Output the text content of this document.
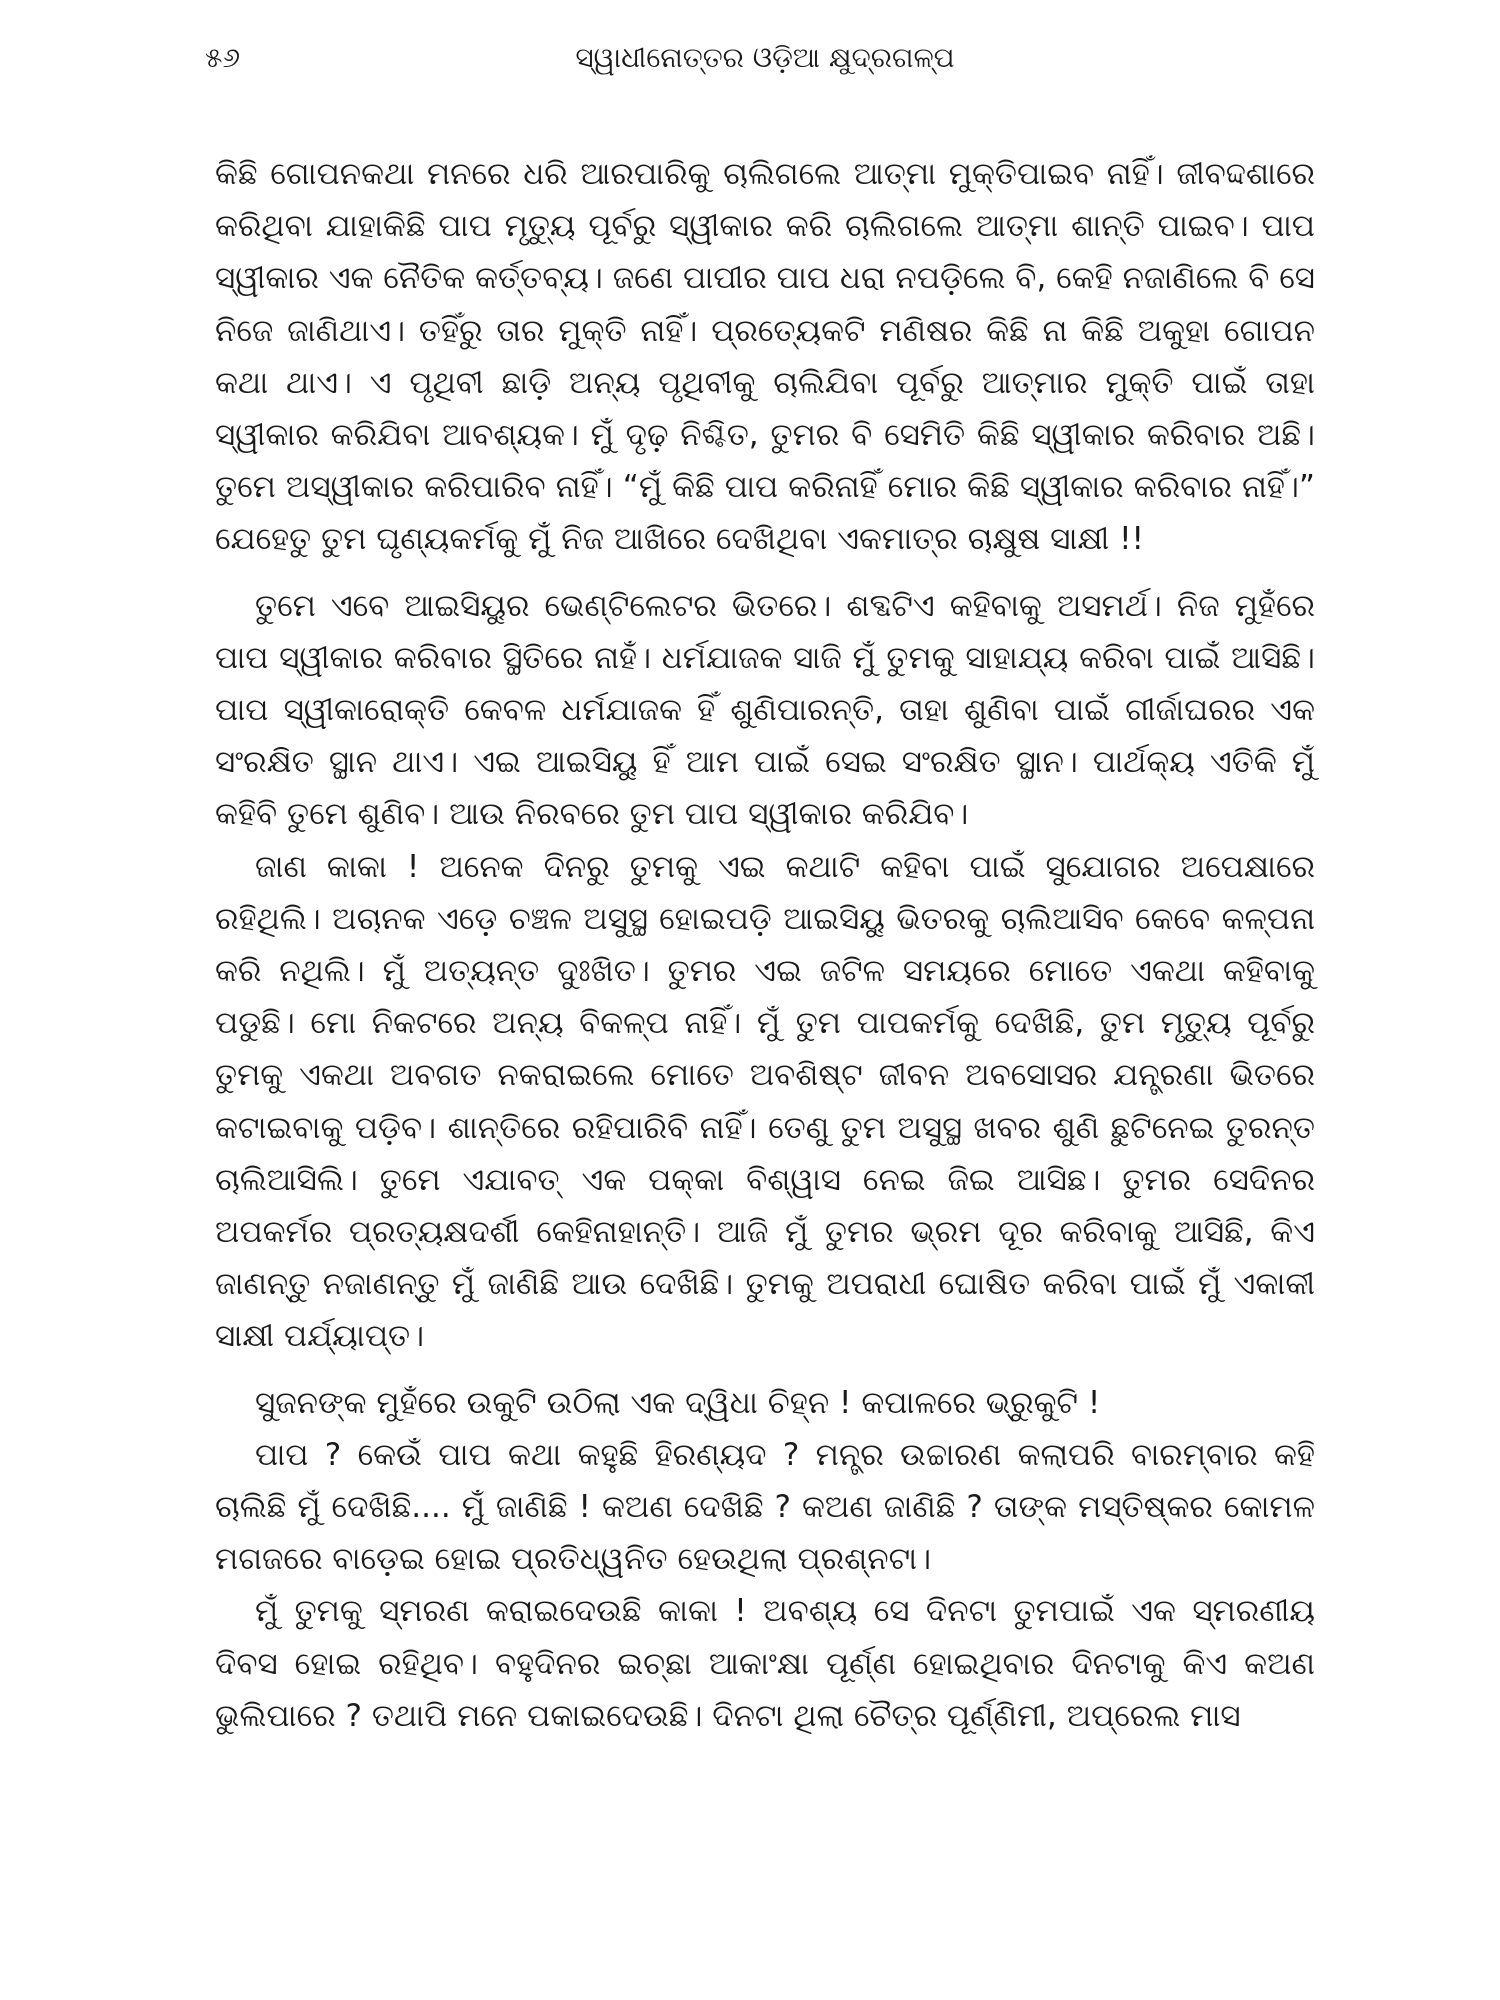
୫୬	ସ୍ୱାଧୀନୋତ୍ତର ଓଡ଼ିଆ କ୍ଷୁଦ୍ରଗଳ୍ପ

କିଛି ଗୋପନକଥା ମନରେ ଧରି ଆରପାରିକୁ ଚାଲିଗଲେ ଆତ୍ମା ମୁକ୍ତିପାଇବ ନାହିଁ। ଜୀବଦ୍ଦଶାରେ କରିଥିବା ଯାହାକିଛି ପାପ ମୃତ୍ୟୁ ପୂର୍ବରୁ ସ୍ୱୀକାର କରି ଚାଲିଗଲେ ଆତ୍ମା ଶାନ୍ତି ପାଇବ। ପାପ ସ୍ୱୀକାର ଏକ ନୈତିକ କର୍ତ୍ତବ୍ୟ। ଜଣେ ପାପୀର ପାପ ଧରା ନପଡ଼ିଲେ ବି, କେହି ନଜାଣିଲେ ବି ସେ ନିଜେ ଜାଣିଥାଏ। ତହିଁରୁ ତାର ମୁକ୍ତି ନାହିଁ। ପ୍ରତ୍ୟେକଟି ମଣିଷର କିଛି ନା କିଛି ଅକୁହା ଗୋପନ କଥା ଥାଏ। ଏ ପୃଥିବୀ ଛାଡ଼ି ଅନ୍ୟ ପୃଥିବୀକୁ ଚାଲିଯିବା ପୂର୍ବରୁ ଆତ୍ମାର ମୁକ୍ତି ପାଇଁ ତାହା ସ୍ୱୀକାର କରିଯିବା ଆବଶ୍ୟକ। ମୁଁ ଦୃଢ଼ ନିଶ୍ଚିତ, ତୁମର ବି ସେମିତି କିଛି ସ୍ୱୀକାର କରିବାର ଅଛି। ତୁମେ ଅସ୍ୱୀକାର କରିପାରିବ ନାହିଁ। “ମୁଁ କିଛି ପାପ କରିନାହିଁ ମୋର କିଛି ସ୍ୱୀକାର କରିବାର ନାହିଁ।” ଯେହେତୁ ତୁମ ଘୃଣ୍ୟକର୍ମକୁ ମୁଁ ନିଜ ଆଖିରେ ଦେଖିଥିବା ଏକମାତ୍ର ଚାକ୍ଷୁଷ ସାକ୍ଷୀ !!

ତୁମେ ଏବେ ଆଇସିୟୁର ଭେଣ୍ଟିଲେଟର ଭିତରେ। ଶବ୍ଦଟିଏ କହିବାକୁ ଅସମର୍ଥ। ନିଜ ମୁହଁରେ ପାପ ସ୍ୱୀକାର କରିବାର ସ୍ଥିତିରେ ନାହଁ। ଧର୍ମଯାଜକ ସାଜି ମୁଁ ତୁମକୁ ସାହାଯ୍ୟ କରିବା ପାଇଁ ଆସିଛି। ପାପ ସ୍ୱୀକାରୋକ୍ତି କେବଳ ଧର୍ମଯାଜକ ହିଁ ଶୁଣିପାରନ୍ତି, ତାହା ଶୁଣିବା ପାଇଁ ଗୀର୍ଜାଘରର ଏକ ସଂରକ୍ଷିତ ସ୍ଥାନ ଥାଏ। ଏଇ ଆଇସିୟୁ ହିଁ ଆମ ପାଇଁ ସେଇ ସଂରକ୍ଷିତ ସ୍ଥାନ। ପାର୍ଥକ୍ୟ ଏତିକି ମୁଁ କହିବି ତୁମେ ଶୁଣିବ। ଆଉ ନିରବରେ ତୁମ ପାପ ସ୍ୱୀକାର କରିଯିବ।

ଜାଣ କାକା ! ଅନେକ ଦିନରୁ ତୁମକୁ ଏଇ କଥାଟି କହିବା ପାଇଁ ସୁଯୋଗର ଅପେକ୍ଷାରେ ରହିଥିଲି। ଅଚାନକ ଏଡ଼େ ଚଞ୍ଚଳ ଅସୁସ୍ଥ ହୋଇପଡ଼ି ଆଇସିୟୁ ଭିତରକୁ ଚାଲିଆସିବ କେବେ କଳ୍ପନା କରି ନଥିଲି। ମୁଁ ଅତ୍ୟନ୍ତ ଦୁଃଖିତ। ତୁମର ଏଇ ଜଟିଳ ସମୟରେ ମୋତେ ଏକଥା କହିବାକୁ ପଡୁଛି। ମୋ ନିକଟରେ ଅନ୍ୟ ବିକଳ୍ପ ନାହିଁ। ମୁଁ ତୁମ ପାପକର୍ମକୁ ଦେଖିଛି, ତୁମ ମୃତ୍ୟୁ ପୂର୍ବରୁ ତୁମକୁ ଏକଥା ଅବଗତ ନକରାଇଲେ ମୋତେ ଅବଶିଷ୍ଟ ଜୀବନ ଅବସୋସର ଯନ୍ତ୍ରଣା ଭିତରେ କଟାଇବାକୁ ପଡ଼ିବ। ଶାନ୍ତିରେ ରହିପାରିବି ନାହିଁ। ତେଣୁ ତୁମ ଅସୁସ୍ଥ ଖବର ଶୁଣି ଛୁଟିନେଇ ତୁରନ୍ତ ଚାଲିଆସିଲି। ତୁମେ ଏଯାବତ୍ ଏକ ପକ୍କା ବିଶ୍ୱାସ ନେଇ ଜିଇ ଆସିଛ। ତୁମର ସେଦିନର ଅପକର୍ମର ପ୍ରତ୍ୟକ୍ଷଦର୍ଶୀ କେହିନାହାନ୍ତି। ଆଜି ମୁଁ ତୁମର ଭ୍ରମ ଦୂର କରିବାକୁ ଆସିଛି, କିଏ ଜାଣନ୍ତୁ ନଜାଣନ୍ତୁ ମୁଁ ଜାଣିଛି ଆଉ ଦେଖିଛି। ତୁମକୁ ଅପରାଧୀ ଘୋଷିତ କରିବା ପାଇଁ ମୁଁ ଏକାକୀ ସାକ୍ଷୀ ପର୍ଯ୍ୟାପ୍ତ।

ସୁଜନଙ୍କ ମୁହଁରେ ଉକୁଟି ଉଠିଲା ଏକ ଦ୍ୱିଧା ଚିହ୍ନ ! କପାଳରେ ଭ୍ରୁକୁଟି !

ପାପ ? କେଉଁ ପାପ କଥା କହୁଛି ହିରଣ୍ୟଦ ? ମନ୍ତ୍ର ଉଚ୍ଚାରଣ କଲାପରି ବାରମ୍ବାର କହି ଚାଲିଛି ମୁଁ ଦେଖିଛି.... ମୁଁ ଜାଣିଛି ! କଅଣ ଦେଖିଛି ? କଅଣ ଜାଣିଛି ? ତାଙ୍କ ମସ୍ତିଷ୍କର କୋମଳ ମଗଜରେ ବାଡ଼େଇ ହୋଇ ପ୍ରତିଧ୍ୱନିତ ହେଉଥିଲା ପ୍ରଶ୍ନଟା।

ମୁଁ ତୁମକୁ ସ୍ମରଣ କରାଇଦେଉଛି କାକା ! ଅବଶ୍ୟ ସେ ଦିନଟା ତୁମପାଇଁ ଏକ ସ୍ମରଣୀୟ ଦିବସ ହୋଇ ରହିଥିବ। ବହୁଦିନର ଇଚ୍ଛା ଆକାଂକ୍ଷା ପୂର୍ଣ୍ଣ ହୋଇଥିବାର ଦିନଟାକୁ କିଏ କଅଣ ଭୁଲିପାରେ ? ତଥାପି ମନେ ପକାଇଦେଉଛି। ଦିନଟା ଥିଲା ଚୈତ୍ର ପୂର୍ଣ୍ଣିମୀ, ଅପ୍ରେଲ ମାସ
